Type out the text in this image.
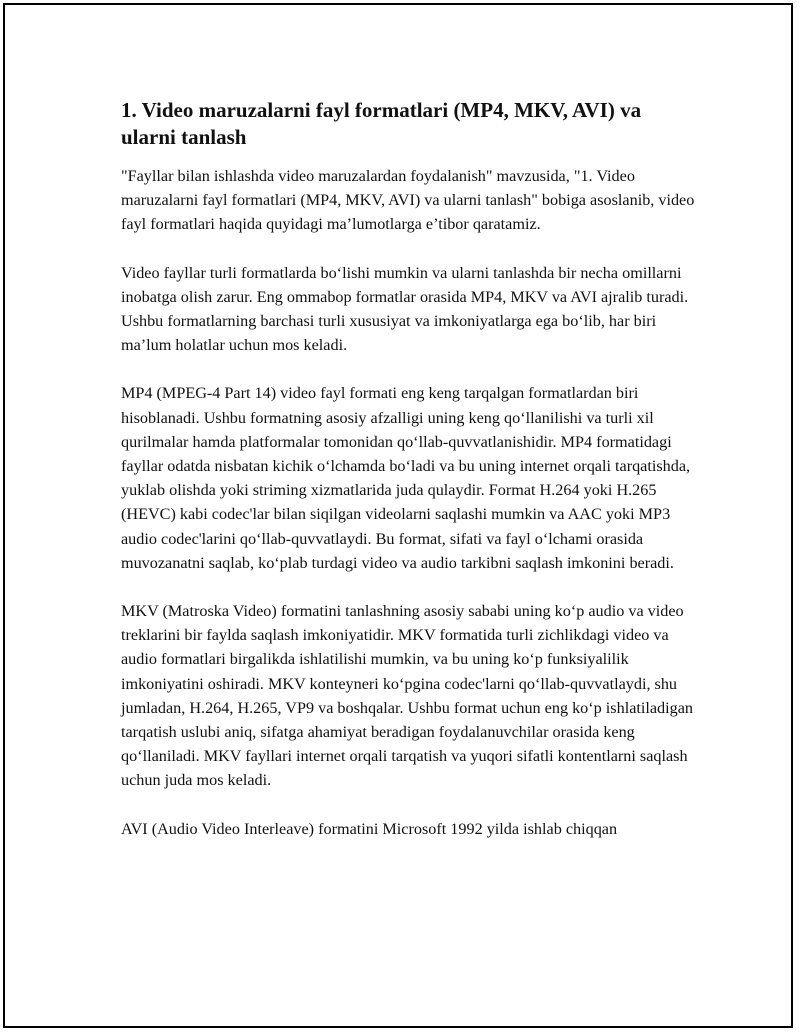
1. Video maruzalarni fayl formatlari (MP4, MKV, AVI) va ularni tanlash

"Fayllar bilan ishlashda video maruzalardan foydalanish" mavzusida, "1. Video maruzalarni fayl formatlari (MP4, MKV, AVI) va ularni tanlash" bobiga asoslanib, video fayl formatlari haqida quyidagi ma’lumotlarga e’tibor qaratamiz.

Video fayllar turli formatlarda boʻlishi mumkin va ularni tanlashda bir necha omillarni inobatga olish zarur. Eng ommabop formatlar orasida MP4, MKV va AVI ajralib turadi. Ushbu formatlarning barchasi turli xususiyat va imkoniyatlarga ega boʻlib, har biri ma’lum holatlar uchun mos keladi.

MP4 (MPEG-4 Part 14) video fayl formati eng keng tarqalgan formatlardan biri hisoblanadi. Ushbu formatning asosiy afzalligi uning keng qoʻllanilishi va turli xil qurilmalar hamda platformalar tomonidan qoʻllab-quvvatlanishidir. MP4 formatidagi fayllar odatda nisbatan kichik oʻlchamda boʻladi va bu uning internet orqali tarqatishda, yuklab olishda yoki striming xizmatlarida juda qulaydir. Format H.264 yoki H.265 (HEVC) kabi codec'lar bilan siqilgan videolarni saqlashi mumkin va AAC yoki MP3 audio codec'larini qoʻllab-quvvatlaydi. Bu format, sifati va fayl oʻlchami orasida muvozanatni saqlab, koʻplab turdagi video va audio tarkibni saqlash imkonini beradi.

MKV (Matroska Video) formatini tanlashning asosiy sababi uning koʻp audio va video treklarini bir faylda saqlash imkoniyatidir. MKV formatida turli zichlikdagi video va audio formatlari birgalikda ishlatilishi mumkin, va bu uning koʻp funksiyalilik imkoniyatini oshiradi. MKV konteyneri koʻpgina codec'larni qoʻllab-quvvatlaydi, shu jumladan, H.264, H.265, VP9 va boshqalar. Ushbu format uchun eng koʻp ishlatiladigan tarqatish uslubi aniq, sifatga ahamiyat beradigan foydalanuvchilar orasida keng qoʻllaniladi. MKV fayllari internet orqali tarqatish va yuqori sifatli kontentlarni saqlash uchun juda mos keladi.

AVI (Audio Video Interleave) formatini Microsoft 1992 yilda ishlab chiqqan
